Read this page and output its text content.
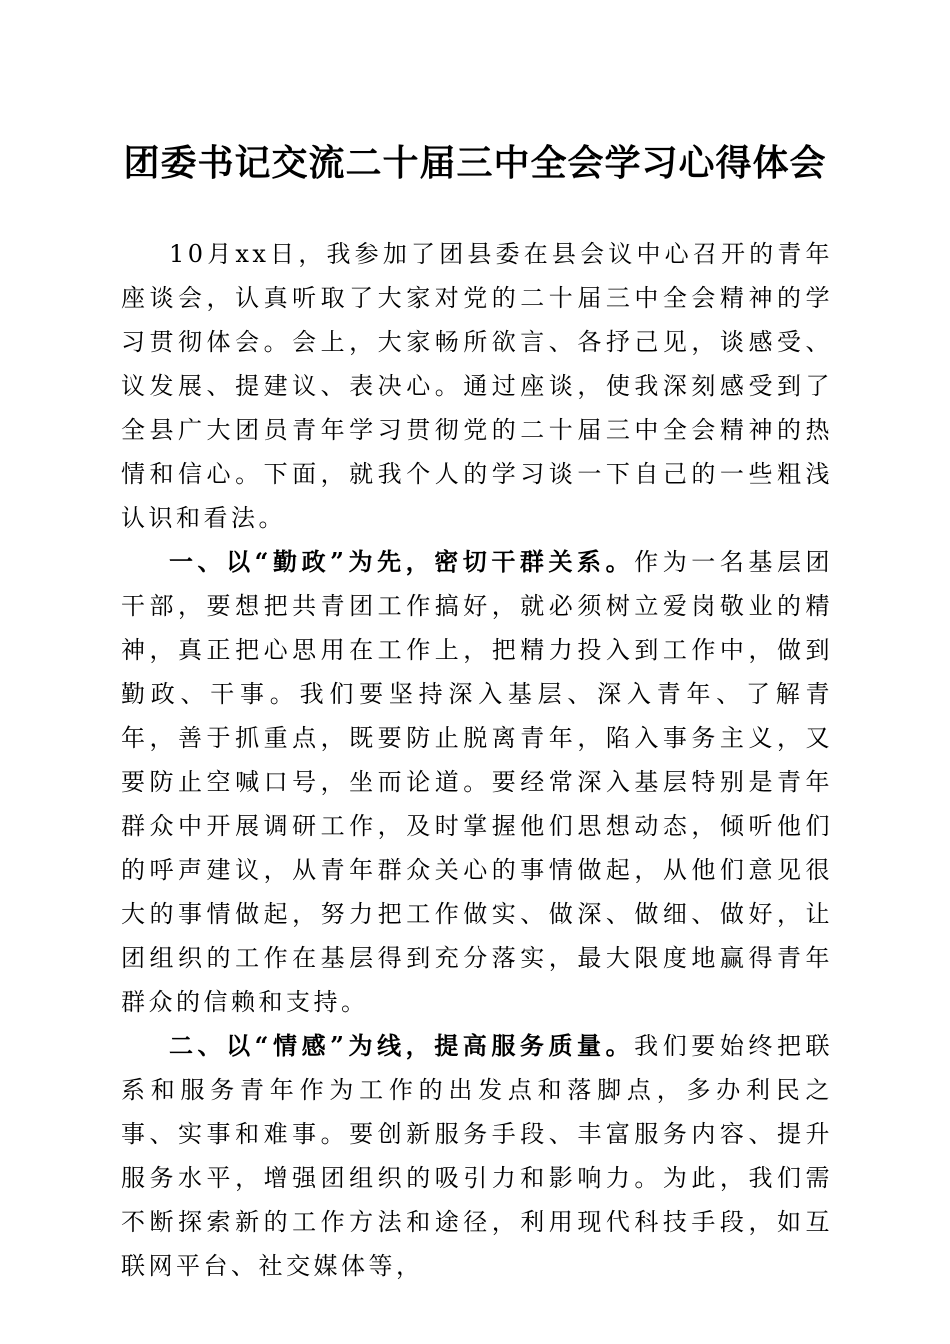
团委书记交流二十届三中全会学习心得体会

10月xx日，我参加了团县委在县会议中心召开的青年座谈会，认真听取了大家对党的二十届三中全会精神的学习贯彻体会。会上，大家畅所欲言、各抒己见，谈感受、议发展、提建议、表决心。通过座谈，使我深刻感受到了全县广大团员青年学习贯彻党的二十届三中全会精神的热情和信心。下面，就我个人的学习谈一下自己的一些粗浅认识和看法。

一、以“勤政”为先，密切干群关系。作为一名基层团干部，要想把共青团工作搞好，就必须树立爱岗敬业的精神，真正把心思用在工作上，把精力投入到工作中，做到勤政、干事。我们要坚持深入基层、深入青年、了解青年，善于抓重点，既要防止脱离青年，陷入事务主义，又要防止空喊口号，坐而论道。要经常深入基层特别是青年群众中开展调研工作，及时掌握他们思想动态，倾听他们的呼声建议，从青年群众关心的事情做起，从他们意见很大的事情做起，努力把工作做实、做深、做细、做好，让团组织的工作在基层得到充分落实，最大限度地赢得青年群众的信赖和支持。

二、以“情感”为线，提高服务质量。我们要始终把联系和服务青年作为工作的出发点和落脚点，多办利民之事、实事和难事。要创新服务手段、丰富服务内容、提升服务水平，增强团组织的吸引力和影响力。为此，我们需不断探索新的工作方法和途径，利用现代科技手段，如互联网平台、社交媒体等，
